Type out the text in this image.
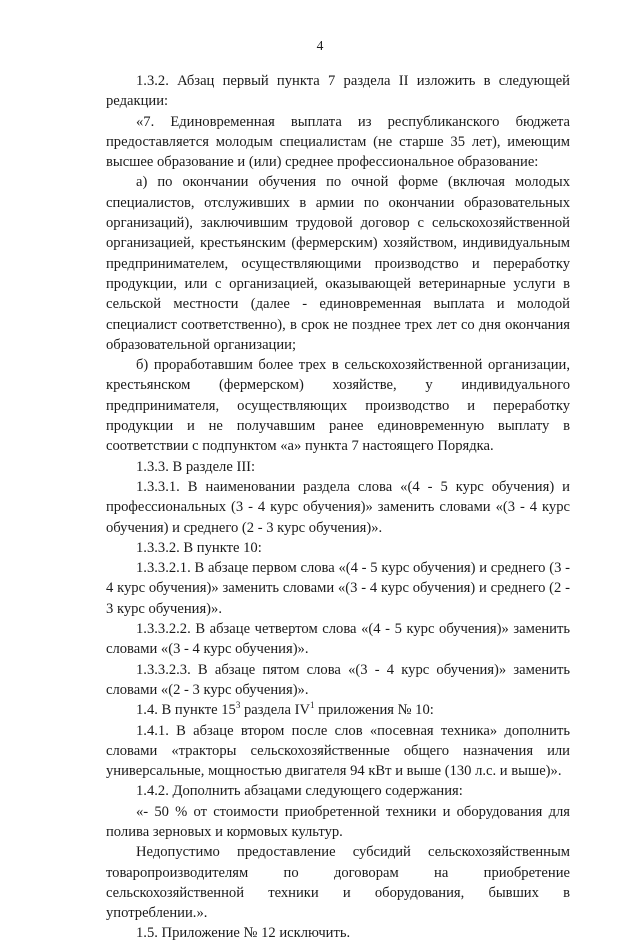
4

1.3.2. Абзац первый пункта 7 раздела II изложить в следующей редакции:

«7. Единовременная выплата из республиканского бюджета предоставляется молодым специалистам (не старше 35 лет), имеющим высшее образование и (или) среднее профессиональное образование:

а) по окончании обучения по очной форме (включая молодых специалистов, отслуживших в армии по окончании образовательных организаций), заключившим трудовой договор с сельскохозяйственной организацией, крестьянским (фермерским) хозяйством, индивидуальным предпринимателем, осуществляющими производство и переработку продукции, или с организацией, оказывающей ветеринарные услуги в сельской местности (далее - единовременная выплата и молодой специалист соответственно), в срок не позднее трех лет со дня окончания образовательной организации;

б) проработавшим более трех в сельскохозяйственной организации, крестьянском (фермерском) хозяйстве, у индивидуального предпринимателя, осуществляющих производство и переработку продукции и не получавшим ранее единовременную выплату в соответствии с подпунктом «а» пункта 7 настоящего Порядка.

1.3.3. В разделе III:

1.3.3.1. В наименовании раздела слова «(4 - 5 курс обучения) и профессиональных (3 - 4 курс обучения)» заменить словами «(3 - 4 курс обучения) и среднего (2 - 3 курс обучения)».

1.3.3.2. В пункте 10:

1.3.3.2.1. В абзаце первом слова «(4 - 5 курс обучения) и среднего (3 - 4 курс обучения)» заменить словами «(3 - 4 курс обучения) и среднего (2 - 3 курс обучения)».

1.3.3.2.2. В абзаце четвертом слова «(4 - 5 курс обучения)» заменить словами «(3 - 4 курс обучения)».

1.3.3.2.3. В абзаце пятом слова «(3 - 4 курс обучения)» заменить словами «(2 - 3 курс обучения)».

1.4. В пункте $15^3$ раздела $IV^1$ приложения № 10:

1.4.1. В абзаце втором после слов «посевная техника» дополнить словами «тракторы сельскохозяйственные общего назначения или универсальные, мощностью двигателя 94 кВт и выше (130 л.с. и выше)».

1.4.2. Дополнить абзацами следующего содержания:

«- 50 % от стоимости приобретенной техники и оборудования для полива зерновых и кормовых культур.

Недопустимо предоставление субсидий сельскохозяйственным товаропроизводителям по договорам на приобретение сельскохозяйственной техники и оборудования, бывших в употреблении.».

1.5. Приложение № 12 исключить.
